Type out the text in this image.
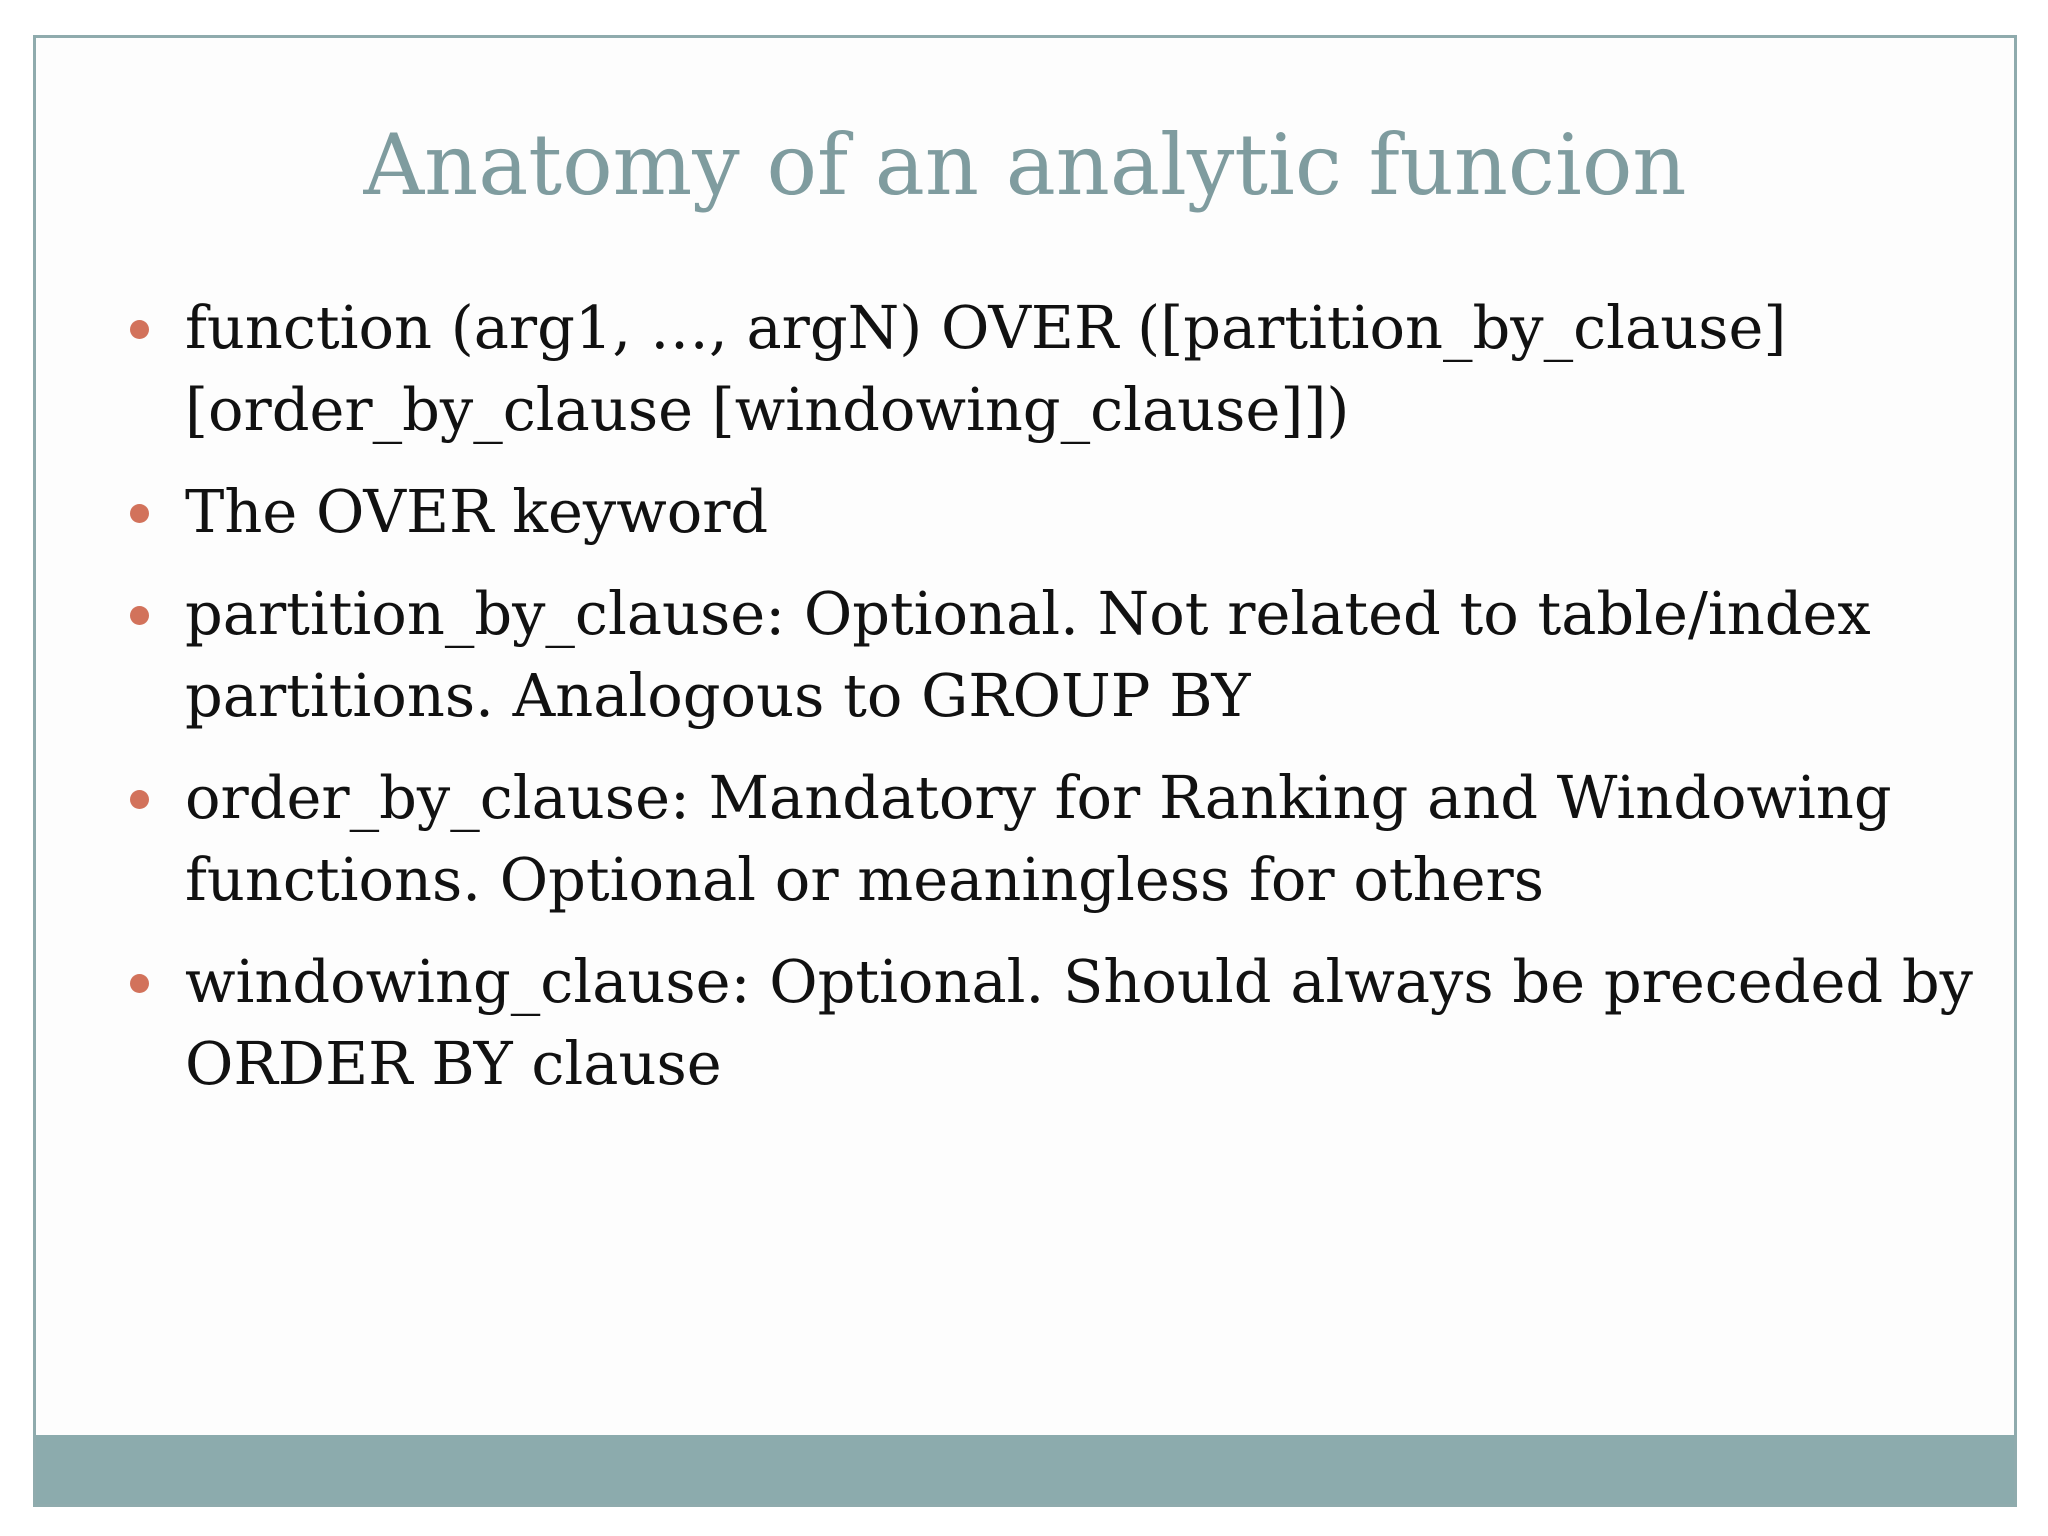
Anatomy of an analytic funcion
function (arg1, …, argN) OVER ([partition_by_clause]
[order_by_clause [windowing_clause]])
The OVER keyword
partition_by_clause: Optional. Not related to table/index
partitions. Analogous to GROUP BY
order_by_clause: Mandatory for Ranking and Windowing
functions. Optional or meaningless for others
windowing_clause: Optional. Should always be preceded by
ORDER BY clause
